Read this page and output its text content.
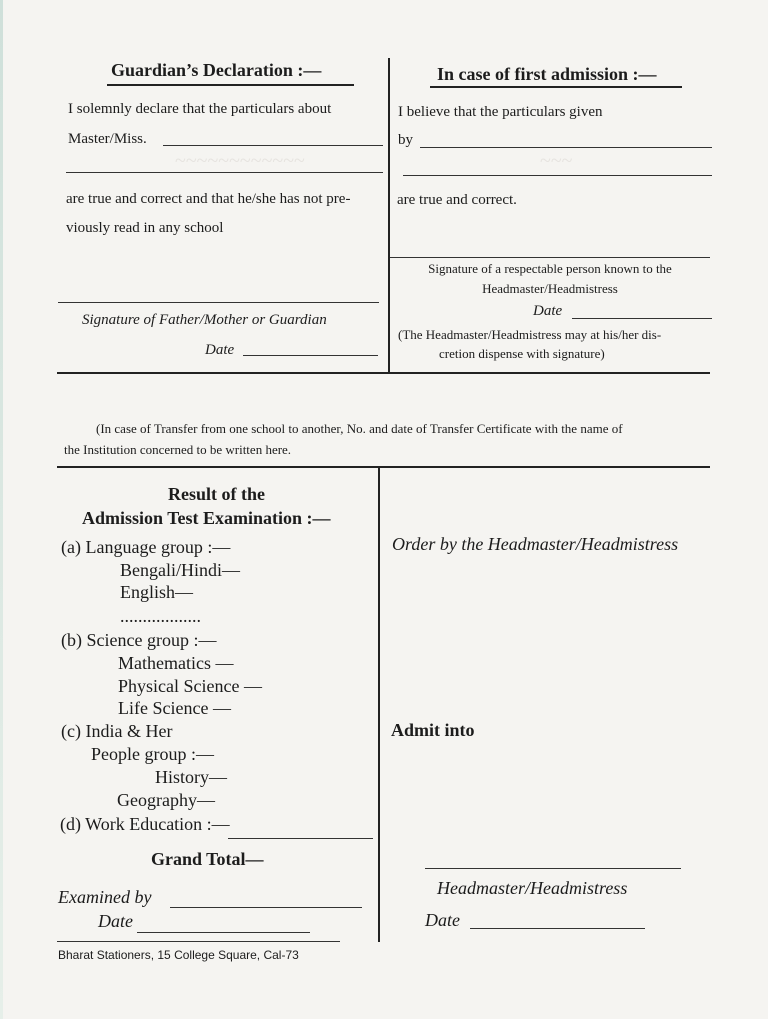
~~~~~~~~~~~~	~~~
Guardian’s Declaration :—
I solemnly declare that the particulars about
Master/Miss.
are true and correct and that he/she has not pre-
viously read in any school
Signature of Father/Mother or Guardian
Date
In case of first admission :—
I believe that the particulars given
by
are true and correct.
Signature of a respectable person known to the
Headmaster/Headmistress
Date
(The Headmaster/Headmistress may at his/her dis-
cretion dispense with signature)
(In case of Transfer from one school to another, No. and date of Transfer Certificate with the name of
the Institution concerned to be written here.
Result of the
Admission Test Examination :—
(a) Language group :—
Bengali/Hindi—
English—
..................
(b) Science group :—
Mathematics —
Physical Science —
Life Science —
(c) India & Her
People group :—
History—
Geography—
(d) Work Education :—
Grand Total—
Examined by
Date
Order by the Headmaster/Headmistress
Admit into
Headmaster/Headmistress
Date
Bharat Stationers, 15 College Square, Cal-73
